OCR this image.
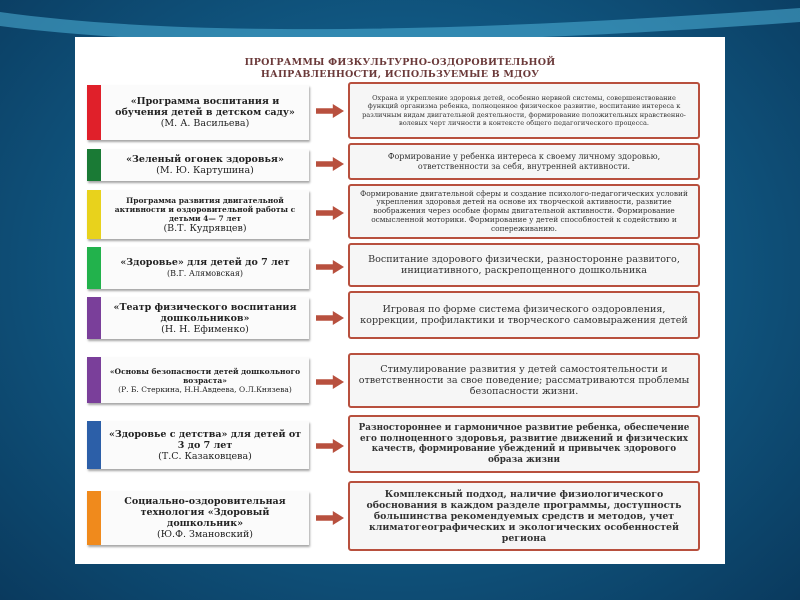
ПРОГРАММЫ ФИЗКУЛЬТУРНО-ОЗДОРОВИТЕЛЬНОЙ
НАПРАВЛЕННОСТИ, ИСПОЛЬЗУЕМЫЕ В МДОУ
«Программа воспитания и обучения детей в детском саду»
(М. А. Васильева)
Охрана и укрепление здоровья детей, особенно нервной системы, совершенствование функций организма ребенка, полноценное физическое развитие, воспитание интереса к различным видам двигательной деятельности, формирование положительных нравственно-волевых черт личности в контексте общего педагогического процесса.
«Зеленый огонек здоровья»
(М. Ю. Картушина)
Формирование у ребенка интереса к своему личному здоровью, ответственности за себя, внутренней активности.
Программа развития двигательной активности и оздоровительной работы с детьми 4— 7 лет
(В.Т. Кудрявцев)
Формирование двигательной сферы и создание психолого-педагогических условий укрепления здоровья детей на основе их творческой активности, развитие воображения через особые формы двигательной активности. Формирование осмысленной моторики. Формирование у детей способностей к содействию и сопереживанию.
«Здоровье» для детей до 7 лет
(В.Г. Алямовская)
Воспитание здорового физически, разносторонне развитого, инициативного, раскрепощенного дошкольника
«Театр физического воспитания дошкольников»
(Н. Н. Ефименко)
Игровая по форме система физического оздоровления, коррекции, профилактики и творческого самовыражения детей
«Основы безопасности детей дошкольного возраста»
(Р. Б. Стеркина, Н.Н.Авдеева, О.Л.Князева)
Стимулирование развития у детей самостоятельности и ответственности за свое поведение; рассматриваются проблемы безопасности жизни.
«Здоровье с детства» для детей от 3 до 7 лет
(Т.С. Казаковцева)
Разностороннее и гармоничное развитие ребенка, обеспечение его полноценного здоровья, развитие движений и физических качеств, формирование убеждений и привычек здорового образа жизни
Социально-оздоровительная технология «Здоровый дошкольник»
(Ю.Ф. Змановский)
Комплексный подход, наличие физиологического обоснования в каждом разделе программы, доступность большинства рекомендуемых средств и методов, учет климатогеографических и экологических особенностей региона
